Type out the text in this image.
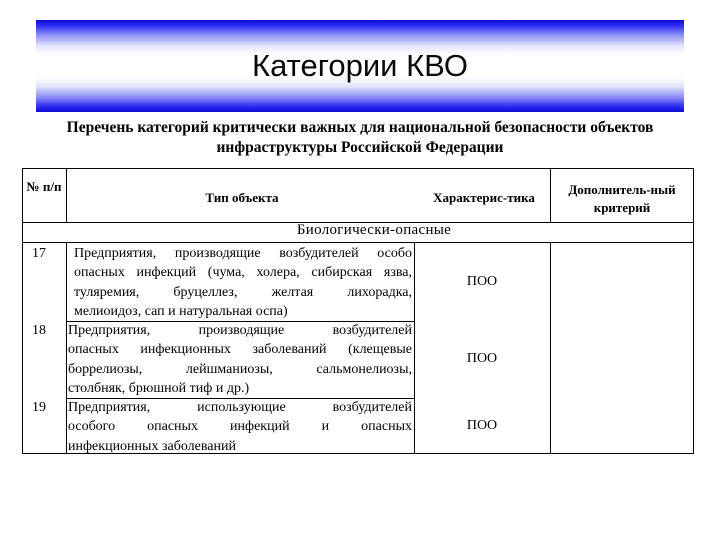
Категории КВО
Перечень категорий критически важных для национальной безопасности объектов инфраструктуры Российской Федерации
№ п/п
Тип объекта	Характерис-тика
Дополнитель-ный критерий
Биологически-опасные
17 Предприятия, производящие возбудителей особо
опасных инфекций (чума, холера, сибирская язва,
туляремия, бруцеллез, желтая лихорадка,
мелиоидоз, сап и натуральная оспа)
ПОО
18 Предприятия, производящие возбудителей
опасных инфекционных заболеваний (клещевые
боррелиозы, лейшманиозы, сальмонелиозы,
столбняк, брюшной тиф и др.)
ПОО
19 Предприятия, использующие возбудителей
особого опасных инфекций и опасных
инфекционных заболеваний
ПОО
